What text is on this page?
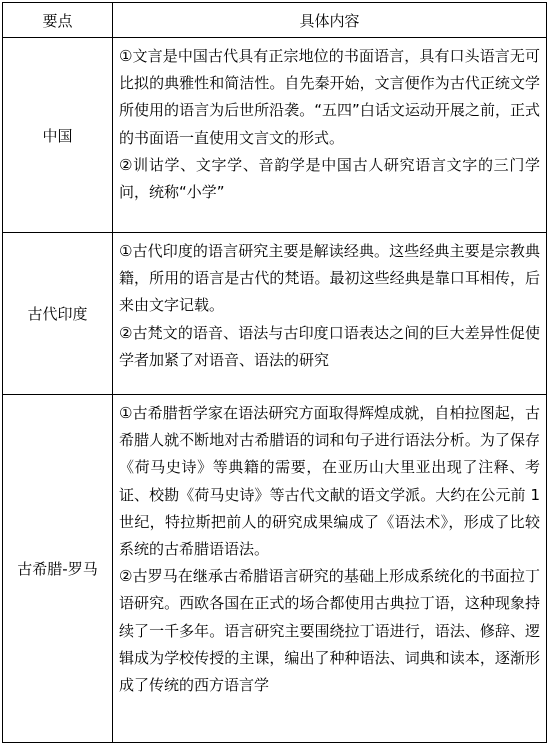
要点	具体内容
中国	①文言是中国古代具有正宗地位的书面语言，具有口头语言无可比拟的典雅性和简洁性。自先秦开始，文言便作为古代正统文学所使用的语言为后世所沿袭。“五四”白话文运动开展之前，正式的书面语一直使用文言文的形式。

②训诂学、文字学、音韵学是中国古人研究语言文字的三门学问，统称“小学”

古代印度	①古代印度的语言研究主要是解读经典。这些经典主要是宗教典籍，所用的语言是古代的梵语。最初这些经典是靠口耳相传，后来由文字记载。

②古梵文的语音、语法与古印度口语表达之间的巨大差异性促使学者加紧了对语音、语法的研究

古希腊-罗马	①古希腊哲学家在语法研究方面取得辉煌成就，自柏拉图起，古希腊人就不断地对古希腊语的词和句子进行语法分析。为了保存《荷马史诗》等典籍的需要，在亚历山大里亚出现了注释、考证、校勘《荷马史诗》等古代文献的语文学派。大约在公元前 1 世纪，特拉斯把前人的研究成果编成了《语法术》，形成了比较系统的古希腊语语法。

②古罗马在继承古希腊语言研究的基础上形成系统化的书面拉丁语研究。西欧各国在正式的场合都使用古典拉丁语，这种现象持续了一千多年。语言研究主要围绕拉丁语进行，语法、修辞、逻辑成为学校传授的主课，编出了种种语法、词典和读本，逐渐形成了传统的西方语言学
